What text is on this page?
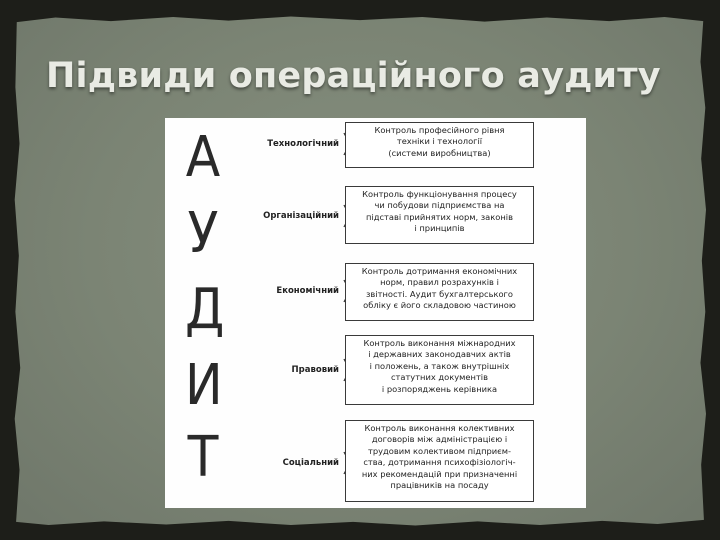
Підвиди операційного аудиту
А
У
Д
И
Т
Технологічний
Контроль професійного рівня
техніки і технології
(системи виробництва)
Організаційний
Контроль функціонування процесу
чи побудови підприємства на
підставі прийнятих норм, законів
і принципів
Економічний
Контроль дотримання економічних
норм, правил розрахунків і
звітності. Аудит бухгалтерського
обліку є його складовою частиною
Правовий
Контроль виконання міжнародних
і державних законодавчих актів
і положень, а також внутрішніх
статутних документів
і розпоряджень керівника
Соціальний
Контроль виконання колективних
договорів між адміністрацією і
трудовим колективом підприєм-
ства, дотримання психофізіологіч-
них рекомендацій при призначенні
працівників на посаду
